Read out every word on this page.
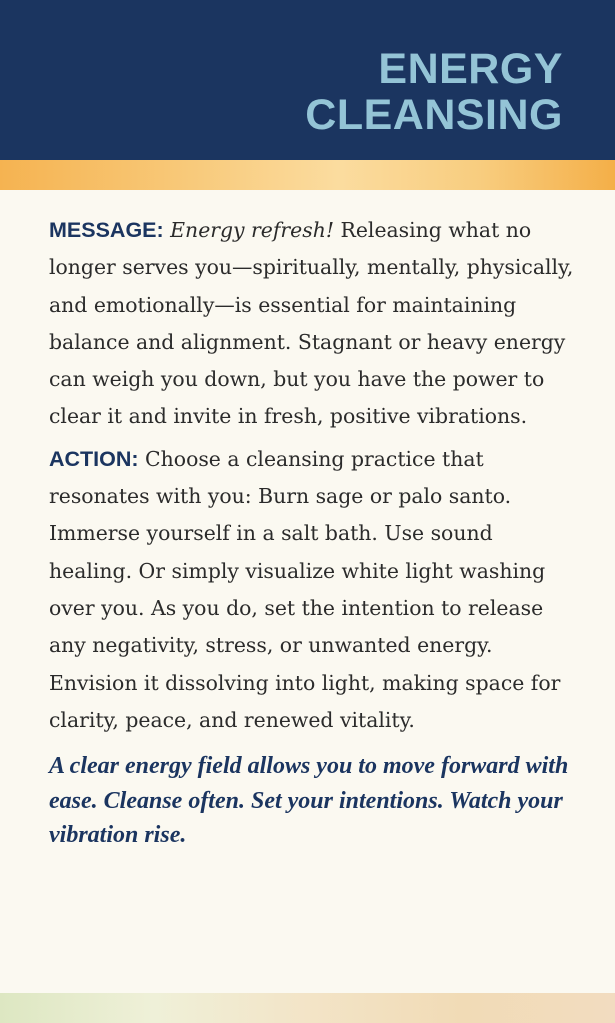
ENERGY
CLEANSING

MESSAGE: Energy refresh! Releasing what no longer serves you—spiritually, mentally, physically, and emotionally—is essential for maintaining balance and alignment. Stagnant or heavy energy can weigh you down, but you have the power to clear it and invite in fresh, positive vibrations.

ACTION: Choose a cleansing practice that resonates with you: Burn sage or palo santo. Immerse yourself in a salt bath. Use sound healing. Or simply visualize white light washing over you. As you do, set the intention to release any negativity, stress, or unwanted energy. Envision it dissolving into light, making space for clarity, peace, and renewed vitality.

A clear energy field allows you to move forward with ease. Cleanse often. Set your intentions. Watch your vibration rise.
